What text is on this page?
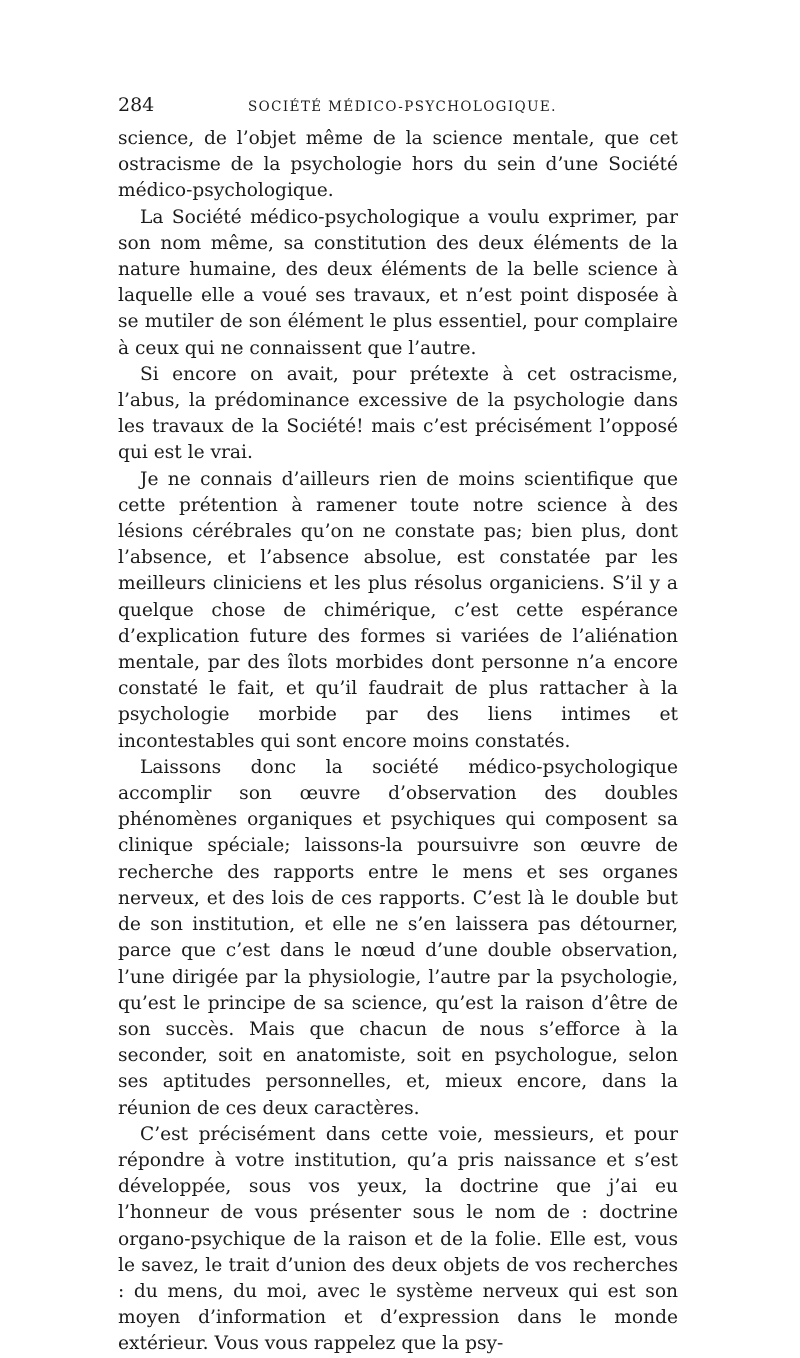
284	SOCIÉTÉ MÉDICO-PSYCHOLOGIQUE.

science, de l’objet même de la science mentale, que cet ostracisme de la psychologie hors du sein d’une Société médico-psychologique.

La Société médico-psychologique a voulu exprimer, par son nom même, sa constitution des deux éléments de la nature humaine, des deux éléments de la belle science à laquelle elle a voué ses travaux, et n’est point disposée à se mutiler de son élément le plus essentiel, pour complaire à ceux qui ne connaissent que l’autre.

Si encore on avait, pour prétexte à cet ostracisme, l’abus, la prédominance excessive de la psychologie dans les travaux de la Société! mais c’est précisément l’opposé qui est le vrai.

Je ne connais d’ailleurs rien de moins scientifique que cette prétention à ramener toute notre science à des lésions cérébrales qu’on ne constate pas; bien plus, dont l’absence, et l’absence absolue, est constatée par les meilleurs cliniciens et les plus résolus organiciens. S’il y a quelque chose de chimérique, c’est cette espérance d’explication future des formes si variées de l’aliénation mentale, par des îlots morbides dont personne n’a encore constaté le fait, et qu’il faudrait de plus rattacher à la psychologie morbide par des liens intimes et incontestables qui sont encore moins constatés.

Laissons donc la société médico-psychologique accomplir son œuvre d’observation des doubles phénomènes organiques et psychiques qui composent sa clinique spéciale; laissons-la poursuivre son œuvre de recherche des rapports entre le mens et ses organes nerveux, et des lois de ces rapports. C’est là le double but de son institution, et elle ne s’en laissera pas détourner, parce que c’est dans le nœud d’une double observation, l’une dirigée par la physiologie, l’autre par la psychologie, qu’est le principe de sa science, qu’est la raison d’être de son succès. Mais que chacun de nous s’efforce à la seconder, soit en anatomiste, soit en psychologue, selon ses aptitudes personnelles, et, mieux encore, dans la réunion de ces deux caractères.

C’est précisément dans cette voie, messieurs, et pour répondre à votre institution, qu’a pris naissance et s’est développée, sous vos yeux, la doctrine que j’ai eu l’honneur de vous présenter sous le nom de : doctrine organo-psychique de la raison et de la folie. Elle est, vous le savez, le trait d’union des deux objets de vos recherches : du mens, du moi, avec le système nerveux qui est son moyen d’information et d’expression dans le monde extérieur. Vous vous rappelez que la psy-
